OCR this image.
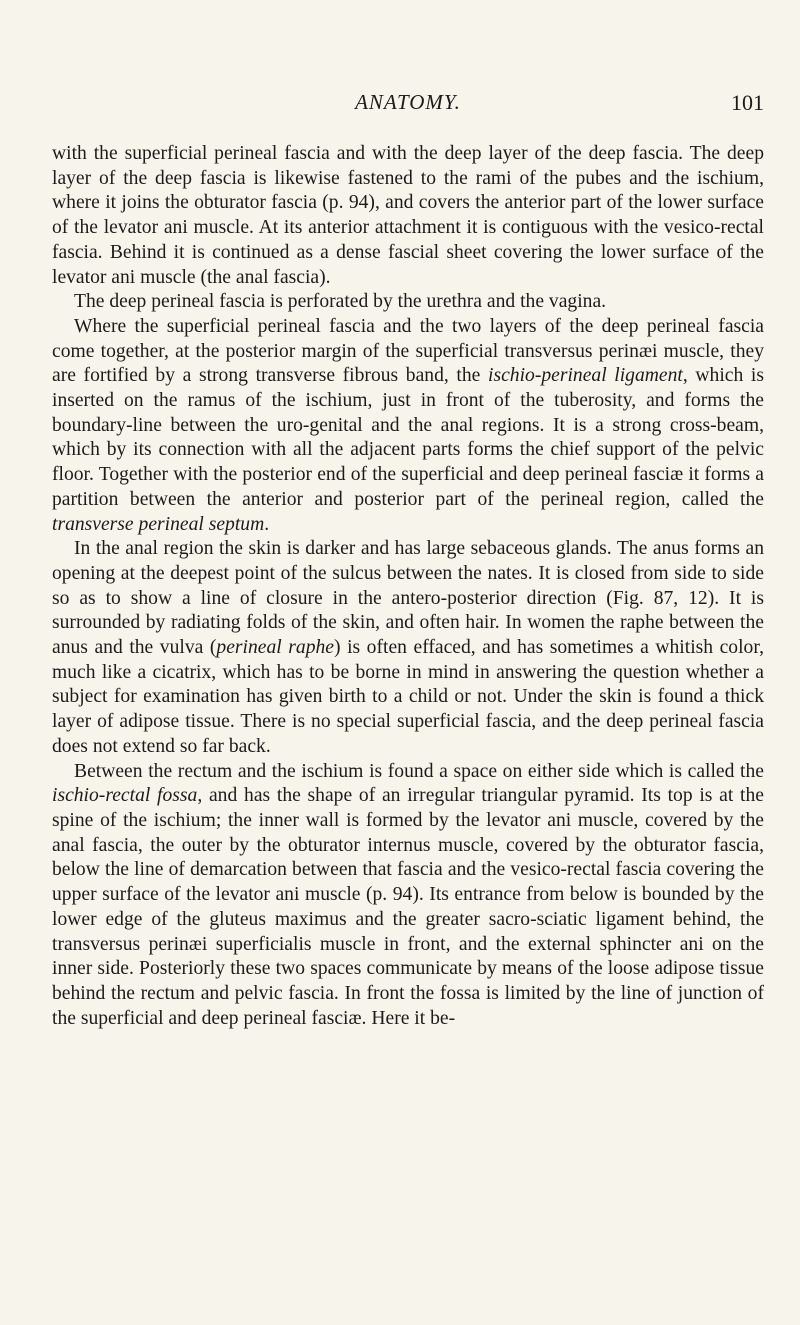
ANATOMY.	101

with the superficial perineal fascia and with the deep layer of the deep fascia. The deep layer of the deep fascia is likewise fastened to the rami of the pubes and the ischium, where it joins the obturator fascia (p. 94), and covers the anterior part of the lower surface of the levator ani muscle. At its anterior attachment it is contiguous with the vesico-rectal fascia. Behind it is continued as a dense fascial sheet covering the lower surface of the levator ani muscle (the anal fascia).

The deep perineal fascia is perforated by the urethra and the vagina.

Where the superficial perineal fascia and the two layers of the deep perineal fascia come together, at the posterior margin of the superficial transversus perinæi muscle, they are fortified by a strong transverse fibrous band, the ischio-perineal ligament, which is inserted on the ramus of the ischium, just in front of the tuberosity, and forms the boundary-line between the uro-genital and the anal regions. It is a strong cross-beam, which by its connection with all the adjacent parts forms the chief support of the pelvic floor. Together with the posterior end of the superficial and deep perineal fasciæ it forms a partition between the anterior and posterior part of the perineal region, called the transverse perineal septum.

In the anal region the skin is darker and has large sebaceous glands. The anus forms an opening at the deepest point of the sulcus between the nates. It is closed from side to side so as to show a line of closure in the antero-posterior direction (Fig. 87, 12). It is surrounded by radiating folds of the skin, and often hair. In women the raphe between the anus and the vulva (perineal raphe) is often effaced, and has sometimes a whitish color, much like a cicatrix, which has to be borne in mind in answering the question whether a subject for examination has given birth to a child or not. Under the skin is found a thick layer of adipose tissue. There is no special superficial fascia, and the deep perineal fascia does not extend so far back.

Between the rectum and the ischium is found a space on either side which is called the ischio-rectal fossa, and has the shape of an irregular triangular pyramid. Its top is at the spine of the ischium; the inner wall is formed by the levator ani muscle, covered by the anal fascia, the outer by the obturator internus muscle, covered by the obturator fascia, below the line of demarcation between that fascia and the vesico-rectal fascia covering the upper surface of the levator ani muscle (p. 94). Its entrance from below is bounded by the lower edge of the gluteus maximus and the greater sacro-sciatic ligament behind, the transversus perinæi superficialis muscle in front, and the external sphincter ani on the inner side. Posteriorly these two spaces communicate by means of the loose adipose tissue behind the rectum and pelvic fascia. In front the fossa is limited by the line of junction of the superficial and deep perineal fasciæ. Here it be-
